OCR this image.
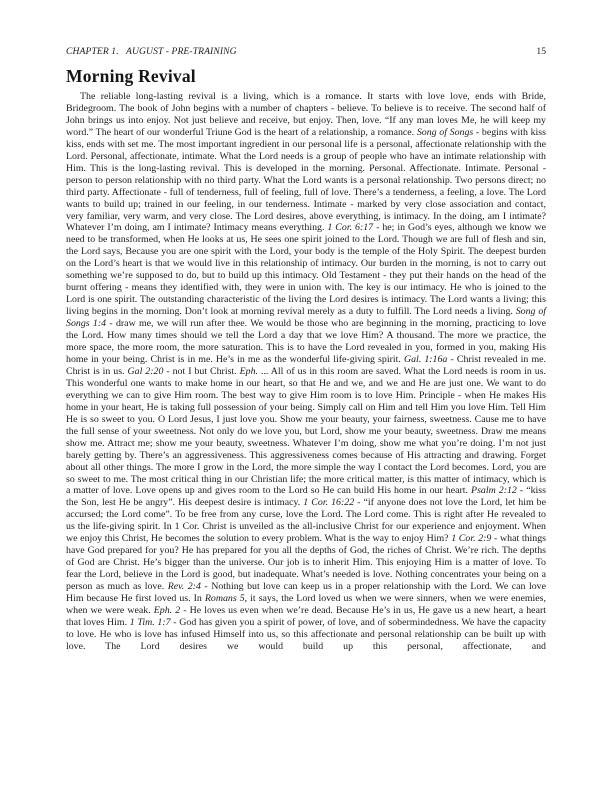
CHAPTER 1.   AUGUST - PRE-TRAINING	15
Morning Revival

The reliable long-lasting revival is a living, which is a romance. It starts with love love, ends with Bride, Bridegroom. The book of John begins with a number of chapters - believe. To believe is to receive. The second half of John brings us into enjoy. Not just believe and receive, but enjoy. Then, love. “If any man loves Me, he will keep my word.” The heart of our wonderful Triune God is the heart of a relationship, a romance. Song of Songs - begins with kiss kiss, ends with set me. The most important ingredient in our personal life is a personal, affectionate relationship with the Lord. Personal, affectionate, intimate. What the Lord needs is a group of people who have an intimate relationship with Him. This is the long-lasting revival. This is developed in the morning. Personal. Affectionate. Intimate. Personal - person to person relationship with no third party. What the Lord wants is a personal relationship. Two persons direct; no third party. Affectionate - full of tenderness, full of feeling, full of love. There’s a tenderness, a feeling, a love. The Lord wants to build up; trained in our feeling, in our tenderness. Intimate - marked by very close association and contact, very familiar, very warm, and very close. The Lord desires, above everything, is intimacy. In the doing, am I intimate? Whatever I’m doing, am I intimate? Intimacy means everything. 1 Cor. 6:17 - he; in God’s eyes, although we know we need to be transformed, when He looks at us, He sees one spirit joined to the Lord. Though we are full of flesh and sin, the Lord says, Because you are one spirit with the Lord, your body is the temple of the Holy Spirit. The deepest burden on the Lord’s heart is that we would live in this relationship of intimacy. Our burden in the morning, is not to carry out something we’re supposed to do, but to build up this intimacy. Old Testament - they put their hands on the head of the burnt offering - means they identified with, they were in union with. The key is our intimacy. He who is joined to the Lord is one spirit. The outstanding characteristic of the living the Lord desires is intimacy. The Lord wants a living; this living begins in the morning. Don’t look at morning revival merely as a duty to fulfill. The Lord needs a living. Song of Songs 1:4 - draw me, we will run after thee. We would be those who are beginning in the morning, practicing to love the Lord. How many times should we tell the Lord a day that we love Him? A thousand. The more we practice, the more space, the more room, the more saturation. This is to have the Lord revealed in you, formed in you, making His home in your being. Christ is in me. He’s in me as the wonderful life-giving spirit. Gal. 1:16a - Christ revealed in me. Christ is in us. Gal 2:20 - not I but Christ. Eph. ... All of us in this room are saved. What the Lord needs is room in us. This wonderful one wants to make home in our heart, so that He and we, and we and He are just one. We want to do everything we can to give Him room. The best way to give Him room is to love Him. Principle - when He makes His home in your heart, He is taking full possession of your being. Simply call on Him and tell Him you love Him. Tell Him He is so sweet to you. O Lord Jesus, I just love you. Show me your beauty, your fairness, sweetness. Cause me to have the full sense of your sweetness. Not only do we love you, but Lord, show me your beauty, sweetness. Draw me means show me. Attract me; show me your beauty, sweetness. Whatever I’m doing, show me what you’re doing. I’m not just barely getting by. There’s an aggressiveness. This aggressiveness comes because of His attracting and drawing. Forget about all other things. The more I grow in the Lord, the more simple the way I contact the Lord becomes. Lord, you are so sweet to me. The most critical thing in our Christian life; the more critical matter, is this matter of intimacy, which is a matter of love. Love opens up and gives room to the Lord so He can build His home in our heart. Psalm 2:12 - “kiss the Son, lest He be angry”. His deepest desire is intimacy. 1 Cor. 16:22 - “if anyone does not love the Lord, let him be accursed; the Lord come”. To be free from any curse, love the Lord. The Lord come. This is right after He revealed to us the life-giving spirit. In 1 Cor. Christ is unveiled as the all-inclusive Christ for our experience and enjoyment. When we enjoy this Christ, He becomes the solution to every problem. What is the way to enjoy Him? 1 Cor. 2:9 - what things have God prepared for you? He has prepared for you all the depths of God, the riches of Christ. We’re rich. The depths of God are Christ. He’s bigger than the universe. Our job is to inherit Him. This enjoying Him is a matter of love. To fear the Lord, believe in the Lord is good, but inadequate. What’s needed is love. Nothing concentrates your being on a person as much as love. Rev. 2:4 - Nothing but love can keep us in a proper relationship with the Lord. We can love Him because He first loved us. In Romans 5, it says, the Lord loved us when we were sinners, when we were enemies, when we were weak. Eph. 2 - He loves us even when we’re dead. Because He’s in us, He gave us a new heart, a heart that loves Him. 1 Tim. 1:7 - God has given you a spirit of power, of love, and of sobermindedness. We have the capacity to love. He who is love has infused Himself into us, so this affectionate and personal relationship can be built up with love. The Lord desires we would build up this personal, affectionate, and
